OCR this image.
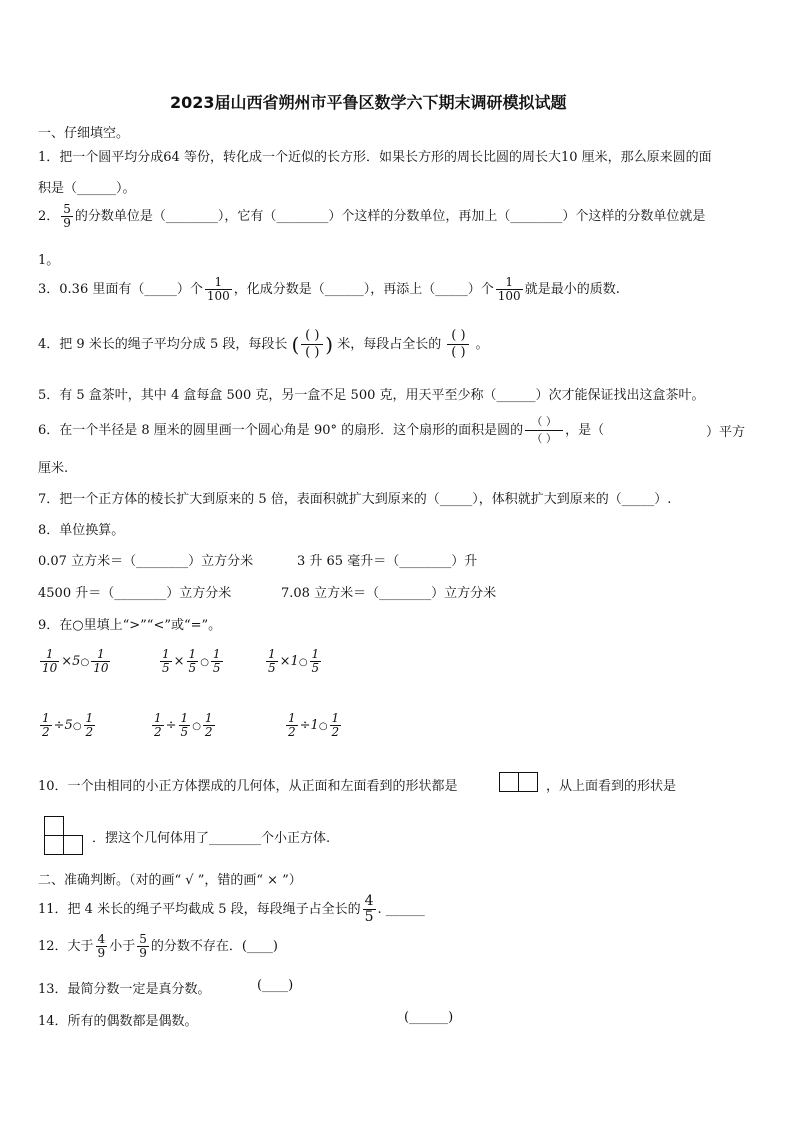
2023届山西省朔州市平鲁区数学六下期末调研模拟试题
一、仔细填空。
1．把一个圆平均分成64 等份，转化成一个近似的长方形．如果长方形的周长比圆的周长大10 厘米，那么原来圆的面
积是（______）。
2． $\frac{5}{9}$ 的分数单位是（________），它有（________）个这样的分数单位，再加上（________）个这样的分数单位就是
1。
3．0.36 里面有（_____）个 $\frac{1}{100}$ ，化成分数是（______），再添上（_____）个 $\frac{1}{100}$ 就是最小的质数.
4．把 9 米长的绳子平均分成 5 段，每段长 ( ( )
( ) ) 米，每段占全长的
( )
( )
。
5．有 5 盒茶叶，其中 4 盒每盒 500 克，另一盒不足 500 克，用天平至少称（______）次才能保证找出这盒茶叶。
6．在一个半径是 8 厘米的圆里画一个圆心角是 90° 的扇形．这个扇形的面积是圆的
（ ）
（ ）
，是（	）平方
厘米.
7．把一个正方体的棱长扩大到原来的 5 倍，表面积就扩大到原来的（_____），体积就扩大到原来的（_____）.
8．单位换算。
0.07 立方米＝（________）立方分米	3 升 65 毫升＝（________）升
4500 升＝（________）立方分米	7.08 立方米＝（________）立方分米
9．在○里填上“>”“<”或“=”。
$\frac{1}{10}$ ×5○ $\frac{1}{10}$	$\frac{1}{5} \times \frac{1}{5}$ ○ $\frac{1}{5}$	$\frac{1}{5}$ ×1○ $\frac{1}{5}$
$\frac{1}{2}$ ÷5○ $\frac{1}{2}$	$\frac{1}{2} \div \frac{1}{5}$ ○ $\frac{1}{2}$	$\frac{1}{2}$ ÷1○ $\frac{1}{2}$
10．一个由相同的小正方体摆成的几何体，从正面和左面看到的形状都是	，从上面看到的形状是
．摆这个几何体用了________个小正方体.
二、准确判断。（对的画“ √ ”，错的画“ × ”）
11．把 4 米长的绳子平均截成 5 段，每段绳子占全长的 $\frac{4}{5}$ . ______
12．大于 $\frac{4}{9}$ 小于 $\frac{5}{9}$ 的分数不存在．(____)
13．最简分数一定是真分数。	(____)
14．所有的偶数都是偶数。	(______)
